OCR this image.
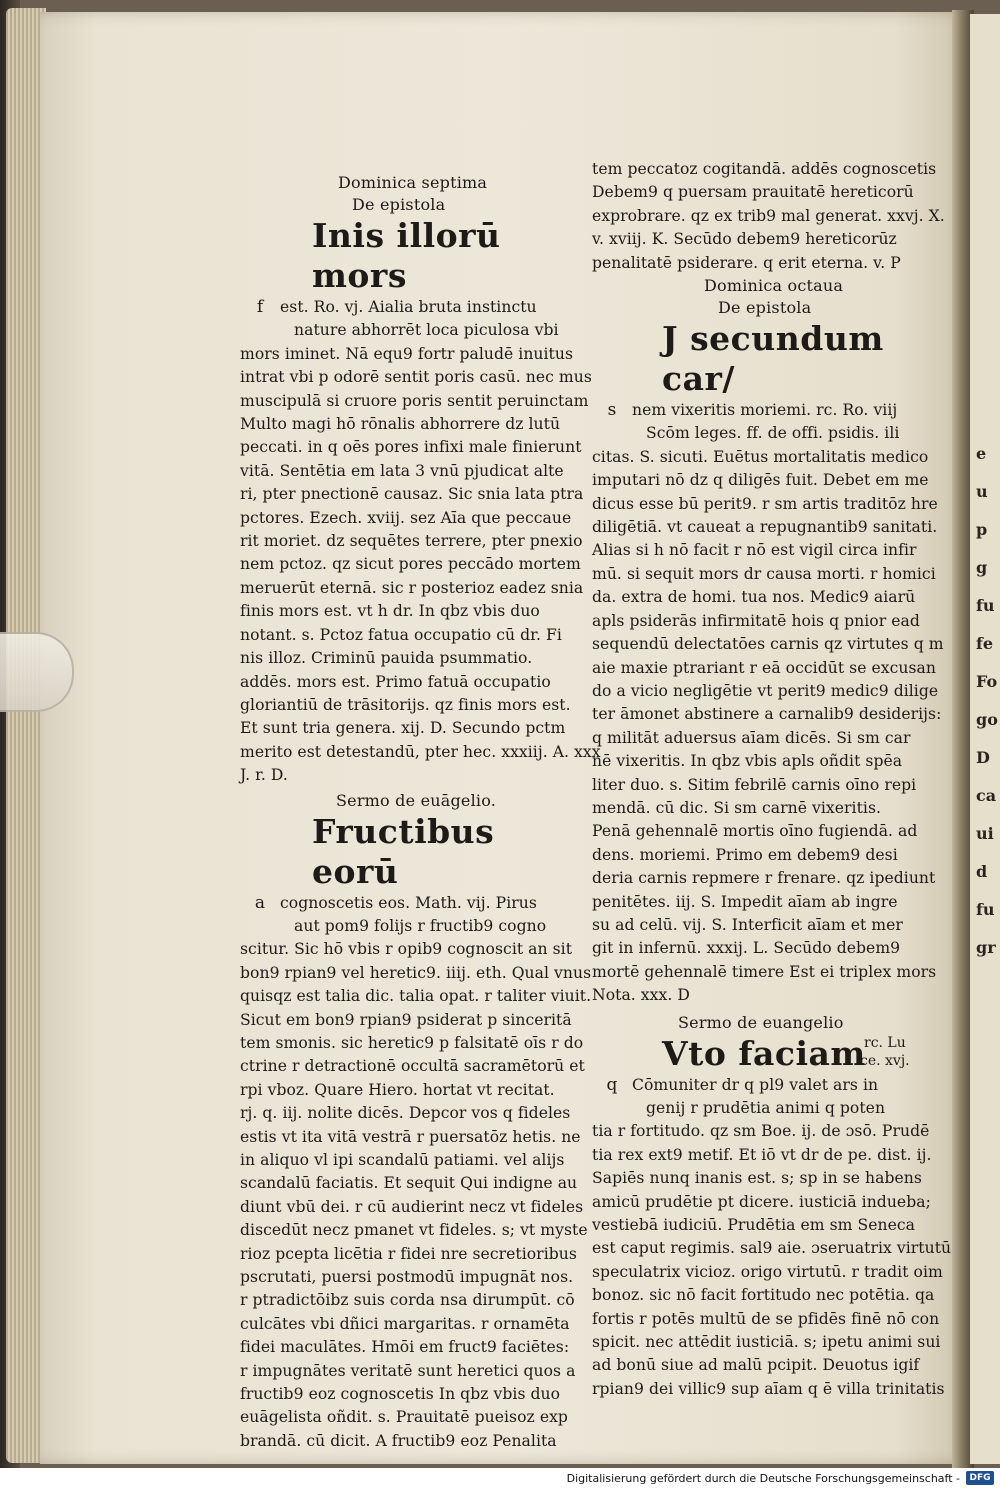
e
u
p
g
fu
fe
Fo
go
D
ca
ui
d
fu
gr

Dominica septima

De epistola

Inis illorū mors

f est. Ro. vj. Aialia bruta instinctu

nature abhorrēt loca piculosa vbi

mors iminet. Nā equ9 fortr paludē inuitus

intrat vbi p odorē sentit poris casū. nec mus

muscipulā si cruore poris sentit peruinctam

Multo magi hō rōnalis abhorrere dz lutū

peccati. in q oēs pores infixi male finierunt

vitā. Sentētia em lata 3 vnū pjudicat alte

ri, pter pnectionē causaz. Sic snia lata ptra

pctores. Ezech. xviij. sez Aīa que peccaue

rit moriet. dz sequētes terrere, pter pnexio

nem pctoz. qz sicut pores peccādo mortem

meruerūt eternā. sic r posterioz eadez snia

finis mors est. vt h dr. In qbz vbis duo

notant. s. Pctoz fatua occupatio cū dr. Fi

nis illoz. Criminū pauida psummatio.

addēs. mors est. Primo fatuā occupatio

gloriantiū de trāsitorijs. qz finis mors est.

Et sunt tria genera. xij. D. Secundo pctm

merito est detestandū, pter hec. xxxiij. A. xxx

J. r. D.

Sermo de euāgelio.

Fructibus eorū

a cognoscetis eos. Math. vij. Pirus

aut pom9 folijs r fructib9 cogno

scitur. Sic hō vbis r opib9 cognoscit an sit

bon9 rpian9 vel heretic9. iiij. eth. Qual vnus

quisqz est talia dic. talia opat. r taliter viuit.

Sicut em bon9 rpian9 psiderat p sinceritā

tem smonis. sic heretic9 p falsitatē oīs r do

ctrine r detractionē occultā sacramētorū et

rpi vboz. Quare Hiero. hortat vt recitat.

rj. q. iij. nolite dicēs. Depcor vos q fideles

estis vt ita vitā vestrā r puersatōz hetis. ne

in aliquo vl ipi scandalū patiami. vel alijs

scandalū faciatis. Et sequit Qui indigne au

diunt vbū dei. r cū audierint necz vt fideles

discedūt necz pmanet vt fideles. s; vt myste

rioz pcepta licētia r fidei nre secretioribus

pscrutati, puersi postmodū impugnāt nos.

r ptradictōibz suis corda nsa dirumpūt. cō

culcātes vbi dñici margaritas. r ornamēta

fidei maculātes. Hmōi em fruct9 faciētes:

r impugnātes veritatē sunt heretici quos a

fructib9 eoz cognoscetis In qbz vbis duo

euāgelista oñdit. s. Prauitatē pueisoz exp

brandā. cū dicit. A fructib9 eoz Penalita

tem peccatoz cogitandā. addēs cognoscetis

Debem9 q puersam prauitatē hereticorū

exprobrare. qz ex trib9 mal generat. xxvj. X.

v. xviij. K. Secūdo debem9 hereticorūz

penalitatē psiderare. q erit eterna. v. P

Dominica octaua

De epistola

J secundum car/

s nem vixeritis moriemi. rc. Ro. viij

Scōm leges. ff. de offi. psidis. ili

citas. S. sicuti. Euētus mortalitatis medico

imputari nō dz q diligēs fuit. Debet em me

dicus esse bū perit9. r sm artis traditōz hre

diligētiā. vt caueat a repugnantib9 sanitati.

Alias si h nō facit r nō est vigil circa infir

mū. si sequit mors dr causa morti. r homici

da. extra de homi. tua nos. Medic9 aiarū

apls psiderās infirmitatē hois q pnior ead

sequendū delectatōes carnis qz virtutes q m

aie maxie ptrariant r eā occidūt se excusan

do a vicio negligētie vt perit9 medic9 dilige

ter āmonet abstinere a carnalib9 desiderijs:

q militāt aduersus aīam dicēs. Si sm car

nē vixeritis. In qbz vbis apls oñdit spēa

liter duo. s. Sitim febrilē carnis oīno repi

mendā. cū dic. Si sm carnē vixeritis.

Penā gehennalē mortis oīno fugiendā. ad

dens. moriemi. Primo em debem9 desi

deria carnis repmere r frenare. qz ipediunt

penitētes. iij. S. Impedit aīam ab ingre

su ad celū. vij. S. Interficit aīam et mer

git in infernū. xxxij. L. Secūdo debem9

mortē gehennalē timere Est ei triplex mors

Nota. xxx. D

Sermo de euangelio

Vto faciam

rc. Lu
ce. xvj.

q Cōmuniter dr q pl9 valet ars in

genij r prudētia animi q poten

tia r fortitudo. qz sm Boe. ij. de ɔsō. Prudē

tia rex ext9 metif. Et iō vt dr de pe. dist. ij.

Sapiēs nunq inanis est. s; sp in se habens

amicū prudētie pt dicere. iusticiā indueba;

vestiebā iudiciū. Prudētia em sm Seneca

est caput regimis. sal9 aie. ɔseruatrix virtutū

speculatrix vicioz. origo virtutū. r tradit oim

bonoz. sic nō facit fortitudo nec potētia. qa

fortis r potēs multū de se pfidēs finē nō con

spicit. nec attēdit iusticiā. s; ipetu animi sui

ad bonū siue ad malū pcipit. Deuotus igif

rpian9 dei villic9 sup aīam q ē villa trinitatis

Digitalisierung gefördert durch die Deutsche Forschungsgemeinschaft -	DFG
